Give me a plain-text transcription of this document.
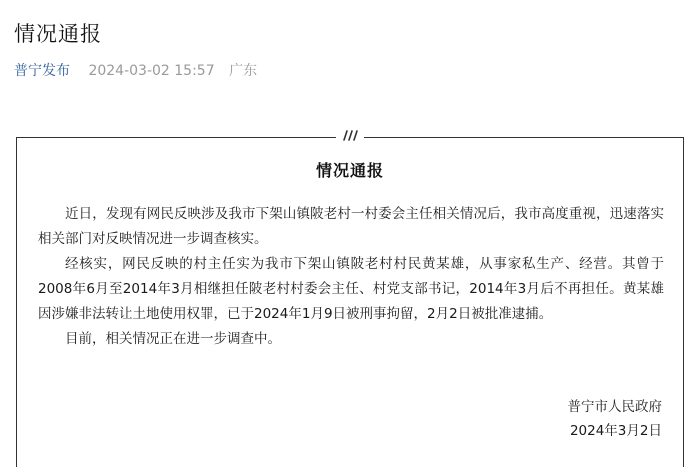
情况通报
普宁发布 2024-03-02 15:57 广东
情况通报

近日，发现有网民反映涉及我市下架山镇陂老村一村委会主任相关情况后，我市高度重视，迅速落实相关部门对反映情况进一步调查核实。

经核实，网民反映的村主任实为我市下架山镇陂老村村民黄某雄，从事家私生产、经营。其曾于2008年6月至2014年3月相继担任陂老村村委会主任、村党支部书记，2014年3月后不再担任。黄某雄因涉嫌非法转让土地使用权罪，已于2024年1月9日被刑事拘留，2月2日被批准逮捕。

目前，相关情况正在进一步调查中。

普宁市人民政府
2024年3月2日
